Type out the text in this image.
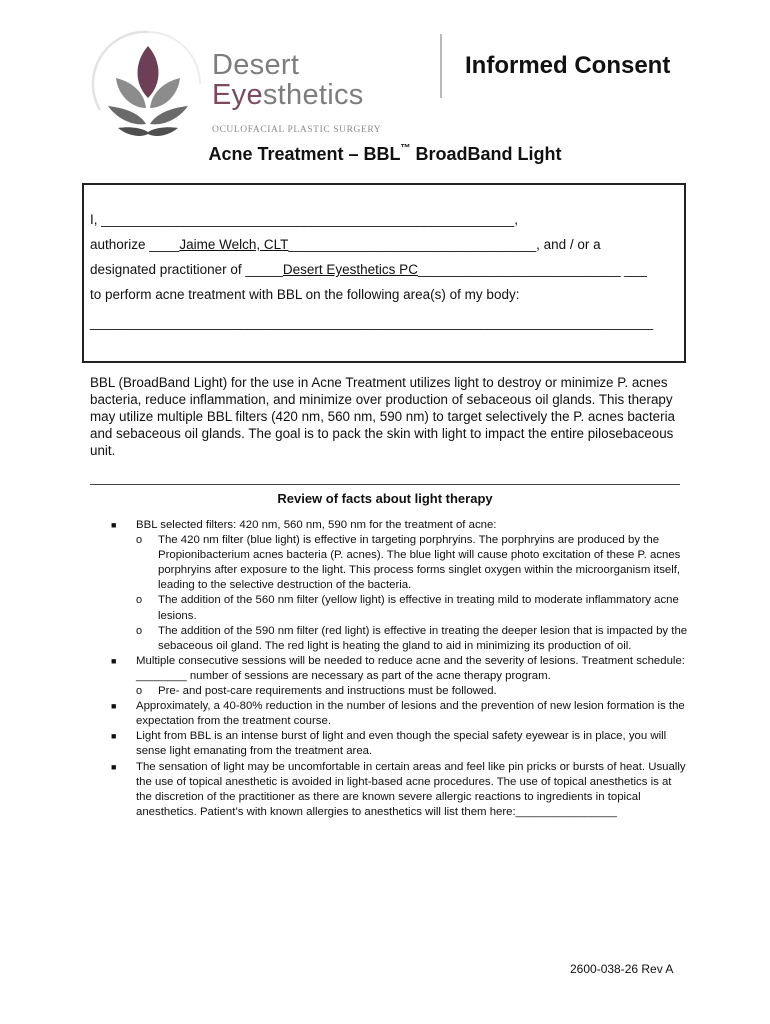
Desert
Eyesthetics
OCULOFACIAL PLASTIC SURGERY
Informed Consent
Acne Treatment – BBL™ BroadBand Light
I, _______________________________________________________,
authorize ____Jaime Welch, CLT_________________________________, and / or a
designated practitioner of _____Desert Eyesthetics PC___________________________ ___
to perform acne treatment with BBL on the following area(s) of my body:
___________________________________________________________________________
BBL (BroadBand Light) for the use in Acne Treatment utilizes light to destroy or minimize P. acnes bacteria, reduce inflammation, and minimize over production of sebaceous oil glands. This therapy may utilize multiple BBL filters (420 nm, 560 nm, 590 nm) to target selectively the P. acnes bacteria and sebaceous oil glands. The goal is to pack the skin with light to impact the entire pilosebaceous unit.
Review of facts about light therapy
■ BBL selected filters: 420 nm, 560 nm, 590 nm for the treatment of acne:
o The 420 nm filter (blue light) is effective in targeting porphryins. The porphryins are produced by the Propionibacterium acnes bacteria (P. acnes). The blue light will cause photo excitation of these P. acnes porphryins after exposure to the light. This process forms singlet oxygen within the microorganism itself, leading to the selective destruction of the bacteria.
o The addition of the 560 nm filter (yellow light) is effective in treating mild to moderate inflammatory acne lesions.
o The addition of the 590 nm filter (red light) is effective in treating the deeper lesion that is impacted by the sebaceous oil gland. The red light is heating the gland to aid in minimizing its production of oil.
■ Multiple consecutive sessions will be needed to reduce acne and the severity of lesions. Treatment schedule: ________ number of sessions are necessary as part of the acne therapy program.
o Pre- and post-care requirements and instructions must be followed.
■ Approximately, a 40-80% reduction in the number of lesions and the prevention of new lesion formation is the expectation from the treatment course.
■ Light from BBL is an intense burst of light and even though the special safety eyewear is in place, you will sense light emanating from the treatment area.
■ The sensation of light may be uncomfortable in certain areas and feel like pin pricks or bursts of heat. Usually the use of topical anesthetic is avoided in light-based acne procedures. The use of topical anesthetics is at the discretion of the practitioner as there are known severe allergic reactions to ingredients in topical anesthetics. Patient’s with known allergies to anesthetics will list them here:________________
2600-038-26 Rev A
